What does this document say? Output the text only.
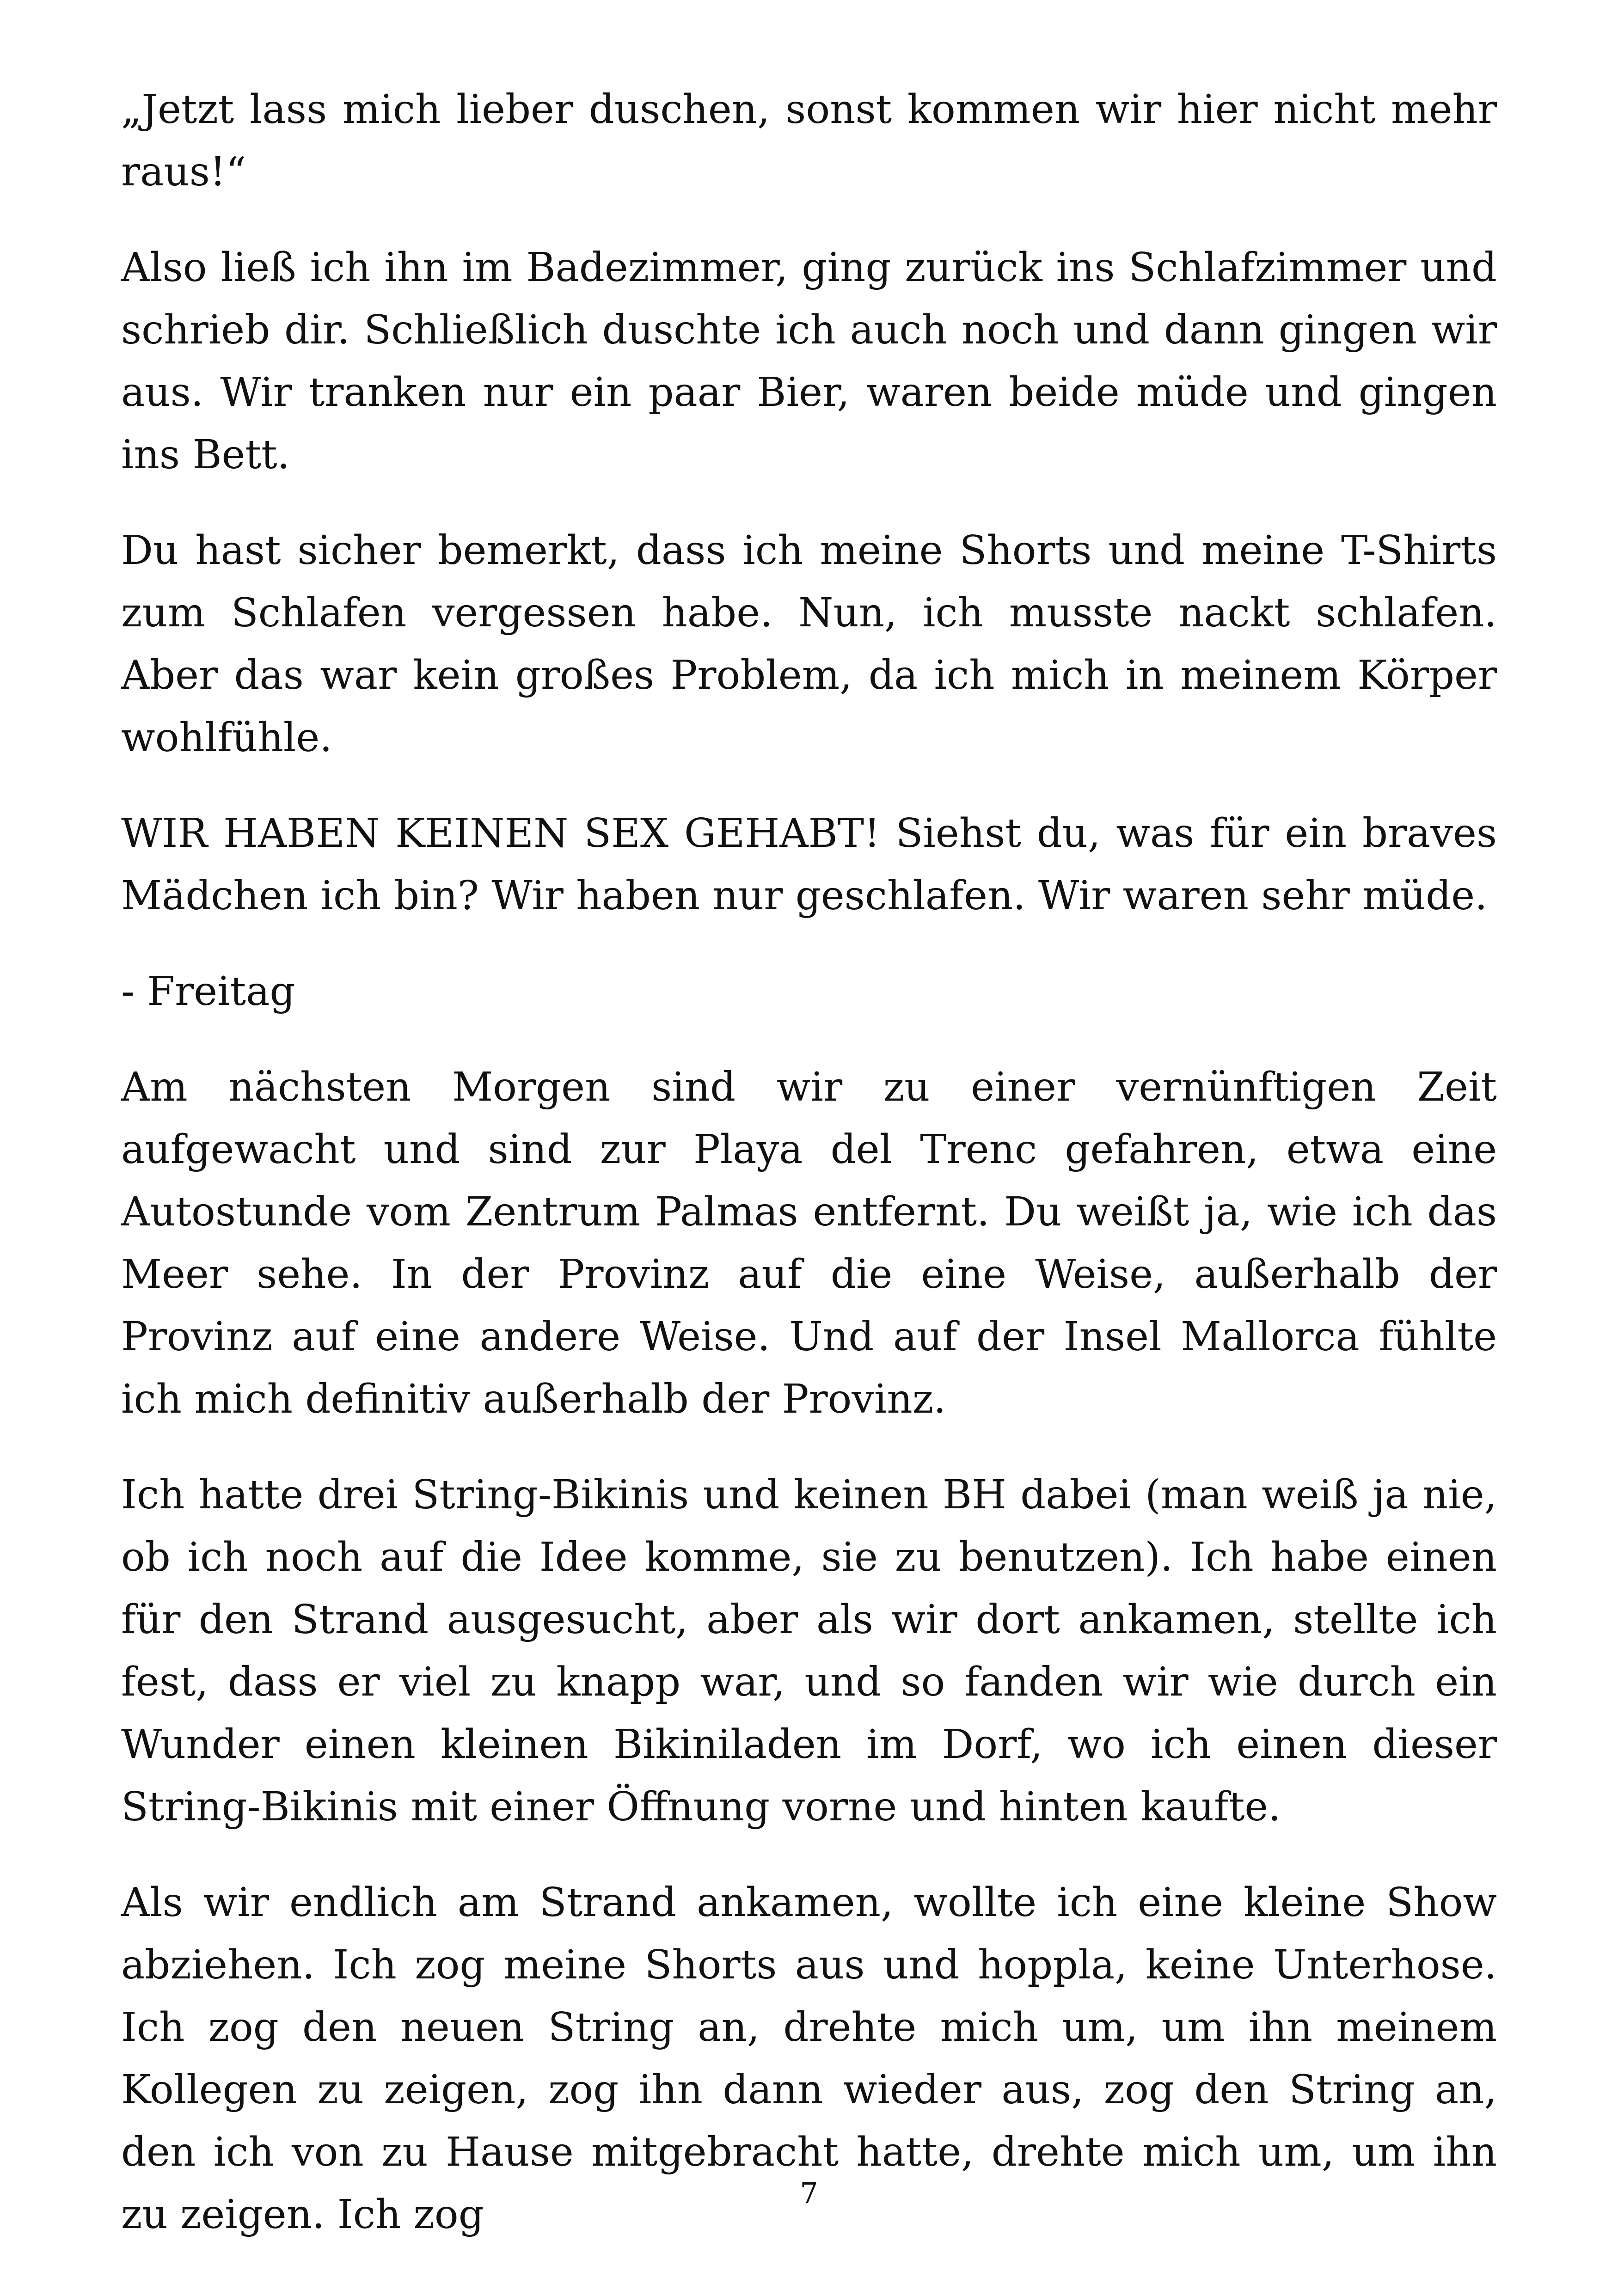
„Jetzt lass mich lieber duschen, sonst kommen wir hier nicht mehr raus!“

Also ließ ich ihn im Badezimmer, ging zurück ins Schlafzimmer und schrieb dir. Schließlich duschte ich auch noch und dann gingen wir aus. Wir tranken nur ein paar Bier, waren beide müde und gingen ins Bett.

Du hast sicher bemerkt, dass ich meine Shorts und meine T-Shirts zum Schlafen vergessen habe. Nun, ich musste nackt schlafen. Aber das war kein großes Problem, da ich mich in meinem Körper wohlfühle.

WIR HABEN KEINEN SEX GEHABT! Siehst du, was für ein braves Mädchen ich bin? Wir haben nur geschlafen. Wir waren sehr müde.

- Freitag

Am nächsten Morgen sind wir zu einer vernünftigen Zeit aufgewacht und sind zur Playa del Trenc gefahren, etwa eine Autostunde vom Zentrum Palmas entfernt. Du weißt ja, wie ich das Meer sehe. In der Provinz auf die eine Weise, außerhalb der Provinz auf eine andere Weise. Und auf der Insel Mallorca fühlte ich mich definitiv außerhalb der Provinz.

Ich hatte drei String-Bikinis und keinen BH dabei (man weiß ja nie, ob ich noch auf die Idee komme, sie zu benutzen). Ich habe einen für den Strand ausgesucht, aber als wir dort ankamen, stellte ich fest, dass er viel zu knapp war, und so fanden wir wie durch ein Wunder einen kleinen Bikiniladen im Dorf, wo ich einen dieser String-Bikinis mit einer Öffnung vorne und hinten kaufte.

Als wir endlich am Strand ankamen, wollte ich eine kleine Show abziehen. Ich zog meine Shorts aus und hoppla, keine Unterhose. Ich zog den neuen String an, drehte mich um, um ihn meinem Kollegen zu zeigen, zog ihn dann wieder aus, zog den String an, den ich von zu Hause mitgebracht hatte, drehte mich um, um ihn zu zeigen. Ich zog	7
